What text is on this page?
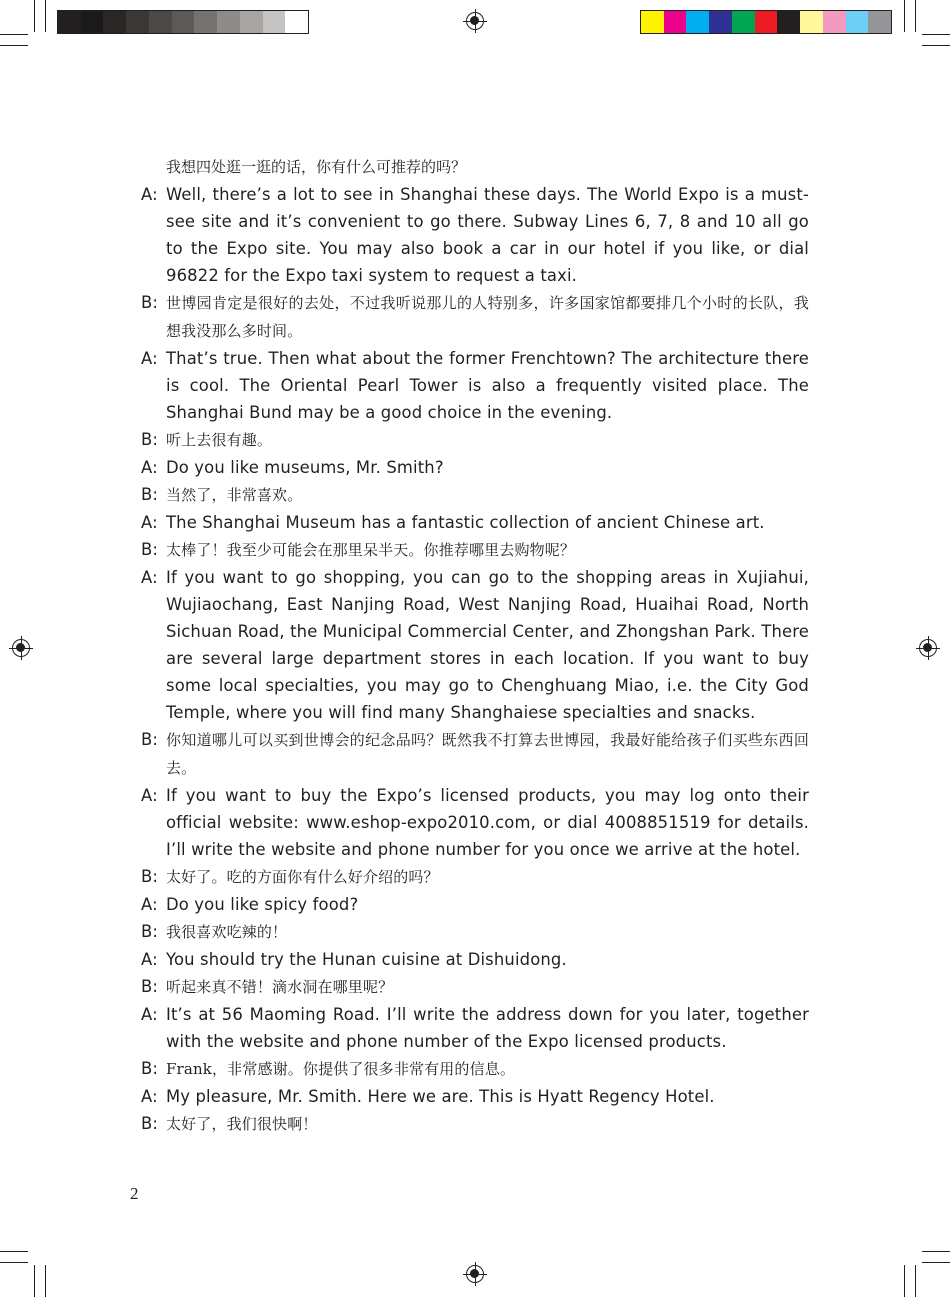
我想四处逛一逛的话，你有什么可推荐的吗？
A: Well, there’s a lot to see in Shanghai these days. The World Expo is a must-see site and it’s convenient to go there. Subway Lines 6, 7, 8 and 10 all go to the Expo site. You may also book a car in our hotel if you like, or dial 96822 for the Expo taxi system to request a taxi.
B: 世博园肯定是很好的去处，不过我听说那儿的人特别多，许多国家馆都要排几个小时的长队，我想我没那么多时间。
A: That’s true. Then what about the former Frenchtown? The architecture there is cool. The Oriental Pearl Tower is also a frequently visited place. The Shanghai Bund may be a good choice in the evening.
B: 听上去很有趣。
A: Do you like museums, Mr. Smith?
B: 当然了，非常喜欢。
A: The Shanghai Museum has a fantastic collection of ancient Chinese art.
B: 太棒了！我至少可能会在那里呆半天。你推荐哪里去购物呢？
A: If you want to go shopping, you can go to the shopping areas in Xujiahui, Wujiaochang, East Nanjing Road, West Nanjing Road, Huaihai Road, North Sichuan Road, the Municipal Commercial Center, and Zhongshan Park. There are several large department stores in each location. If you want to buy some local specialties, you may go to Chenghuang Miao, i.e. the City God Temple, where you will find many Shanghaiese specialties and snacks.
B: 你知道哪儿可以买到世博会的纪念品吗？既然我不打算去世博园，我最好能给孩子们买些东西回去。
A: If you want to buy the Expo’s licensed products, you may log onto their official website: www.eshop-expo2010.com, or dial 4008851519 for details. I’ll write the website and phone number for you once we arrive at the hotel.
B: 太好了。吃的方面你有什么好介绍的吗？
A: Do you like spicy food?
B: 我很喜欢吃辣的！
A: You should try the Hunan cuisine at Dishuidong.
B: 听起来真不错！滴水洞在哪里呢？
A: It’s at 56 Maoming Road. I’ll write the address down for you later, together with the website and phone number of the Expo licensed products.
B: Frank，非常感谢。你提供了很多非常有用的信息。
A: My pleasure, Mr. Smith. Here we are. This is Hyatt Regency Hotel.
B: 太好了，我们很快啊！
2
